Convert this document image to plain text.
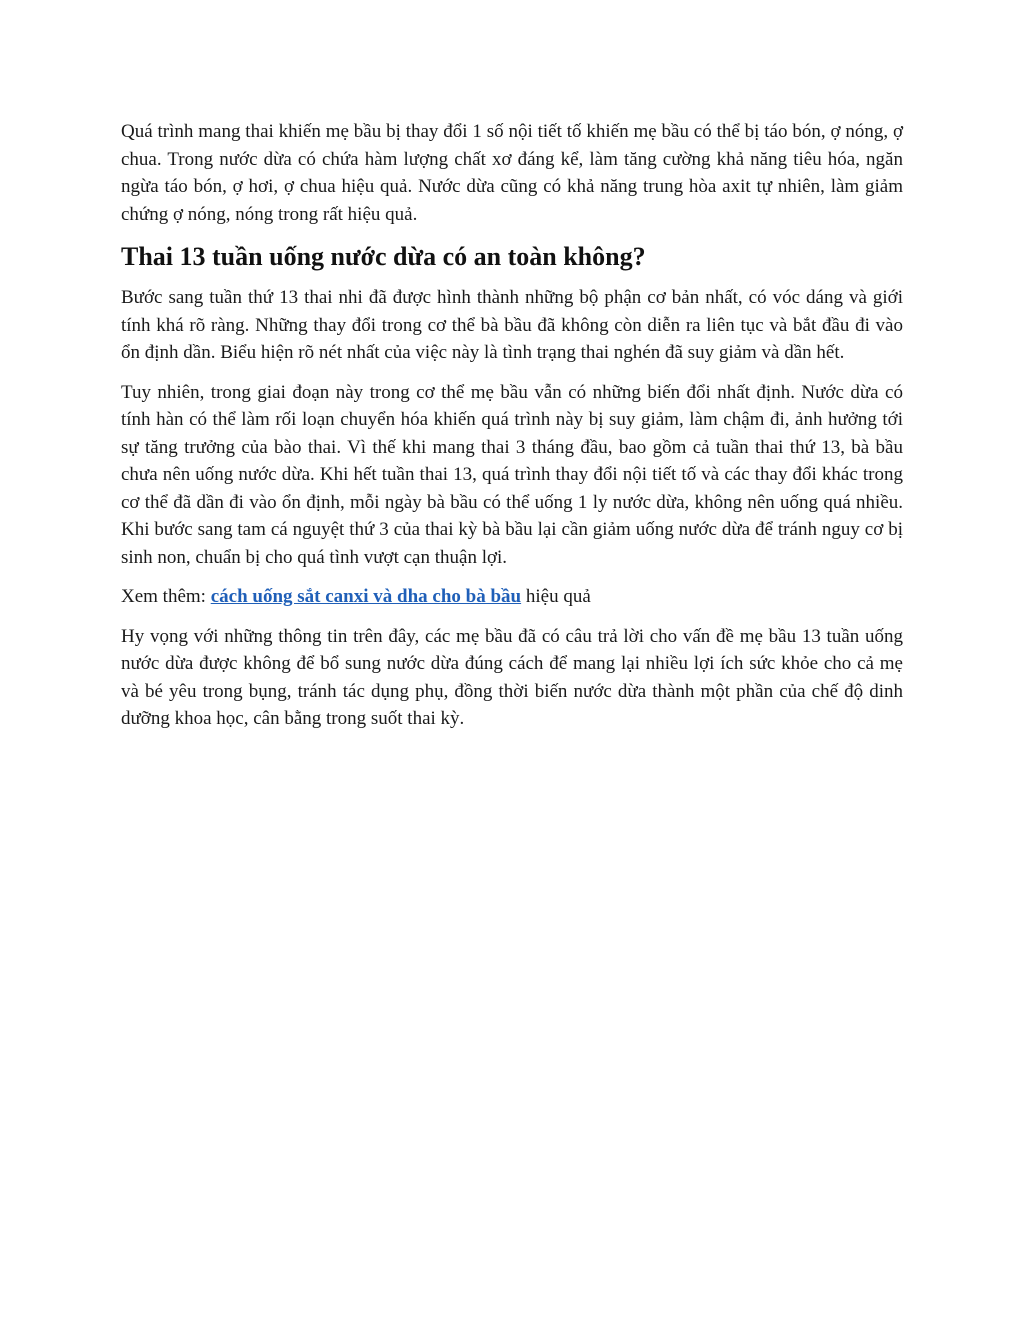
Quá trình mang thai khiến mẹ bầu bị thay đổi 1 số nội tiết tố khiến mẹ bầu có thể bị táo bón, ợ nóng, ợ chua. Trong nước dừa có chứa hàm lượng chất xơ đáng kể, làm tăng cường khả năng tiêu hóa, ngăn ngừa táo bón, ợ hơi, ợ chua hiệu quả. Nước dừa cũng có khả năng trung hòa axit tự nhiên, làm giảm chứng ợ nóng, nóng trong rất hiệu quả.

Thai 13 tuần uống nước dừa có an toàn không?

Bước sang tuần thứ 13 thai nhi đã được hình thành những bộ phận cơ bản nhất, có vóc dáng và giới tính khá rõ ràng. Những thay đổi trong cơ thể bà bầu đã không còn diễn ra liên tục và bắt đầu đi vào ổn định dần. Biểu hiện rõ nét nhất của việc này là tình trạng thai nghén đã suy giảm và dần hết.

Tuy nhiên, trong giai đoạn này trong cơ thể mẹ bầu vẫn có những biến đổi nhất định. Nước dừa có tính hàn có thể làm rối loạn chuyển hóa khiến quá trình này bị suy giảm, làm chậm đi, ảnh hưởng tới sự tăng trưởng của bào thai. Vì thế khi mang thai 3 tháng đầu, bao gồm cả tuần thai thứ 13, bà bầu chưa nên uống nước dừa. Khi hết tuần thai 13, quá trình thay đổi nội tiết tố và các thay đổi khác trong cơ thể đã dần đi vào ổn định, mỗi ngày bà bầu có thể uống 1 ly nước dừa, không nên uống quá nhiều. Khi bước sang tam cá nguyệt thứ 3 của thai kỳ bà bầu lại cần giảm uống nước dừa để tránh nguy cơ bị sinh non, chuẩn bị cho quá tình vượt cạn thuận lợi.

Xem thêm: cách uống sắt canxi và dha cho bà bầu hiệu quả

Hy vọng với những thông tin trên đây, các mẹ bầu đã có câu trả lời cho vấn đề mẹ bầu 13 tuần uống nước dừa được không để bổ sung nước dừa đúng cách để mang lại nhiều lợi ích sức khỏe cho cả mẹ và bé yêu trong bụng, tránh tác dụng phụ, đồng thời biến nước dừa thành một phần của chế độ dinh dưỡng khoa học, cân bằng trong suốt thai kỳ.
